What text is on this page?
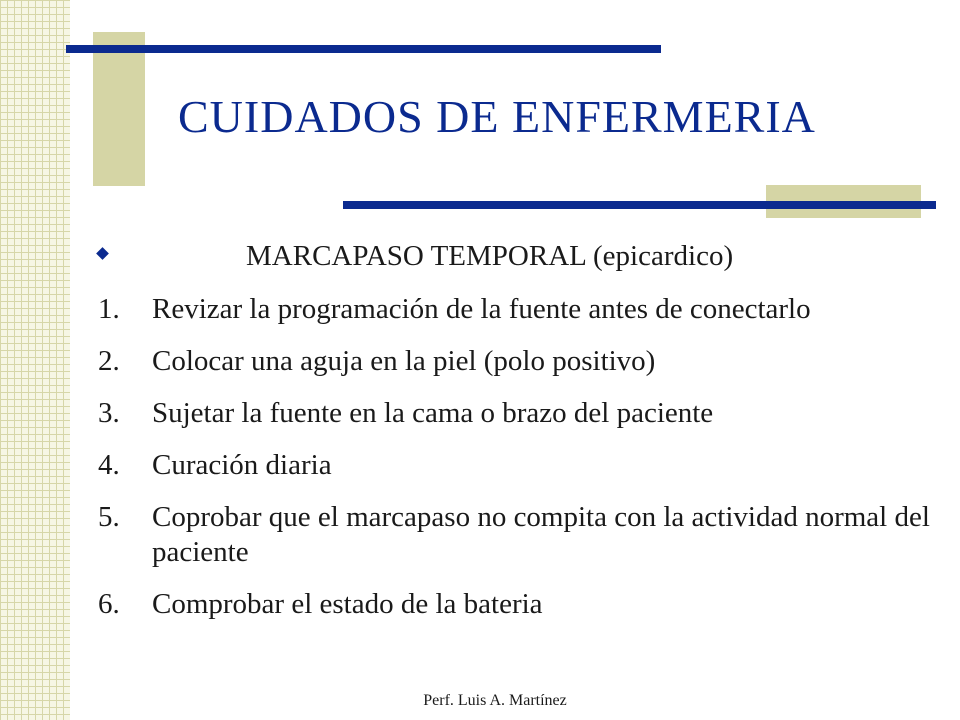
CUIDADOS DE ENFERMERIA
MARCAPASO TEMPORAL (epicardico)
1. Revizar la programación de la fuente antes de conectarlo
2. Colocar una aguja en la piel (polo positivo)
3. Sujetar la fuente en la cama o brazo del paciente
4. Curación diaria
5. Coprobar que el marcapaso no compita con la actividad normal del paciente
6. Comprobar el estado de la bateria
Perf. Luis A. Martínez
